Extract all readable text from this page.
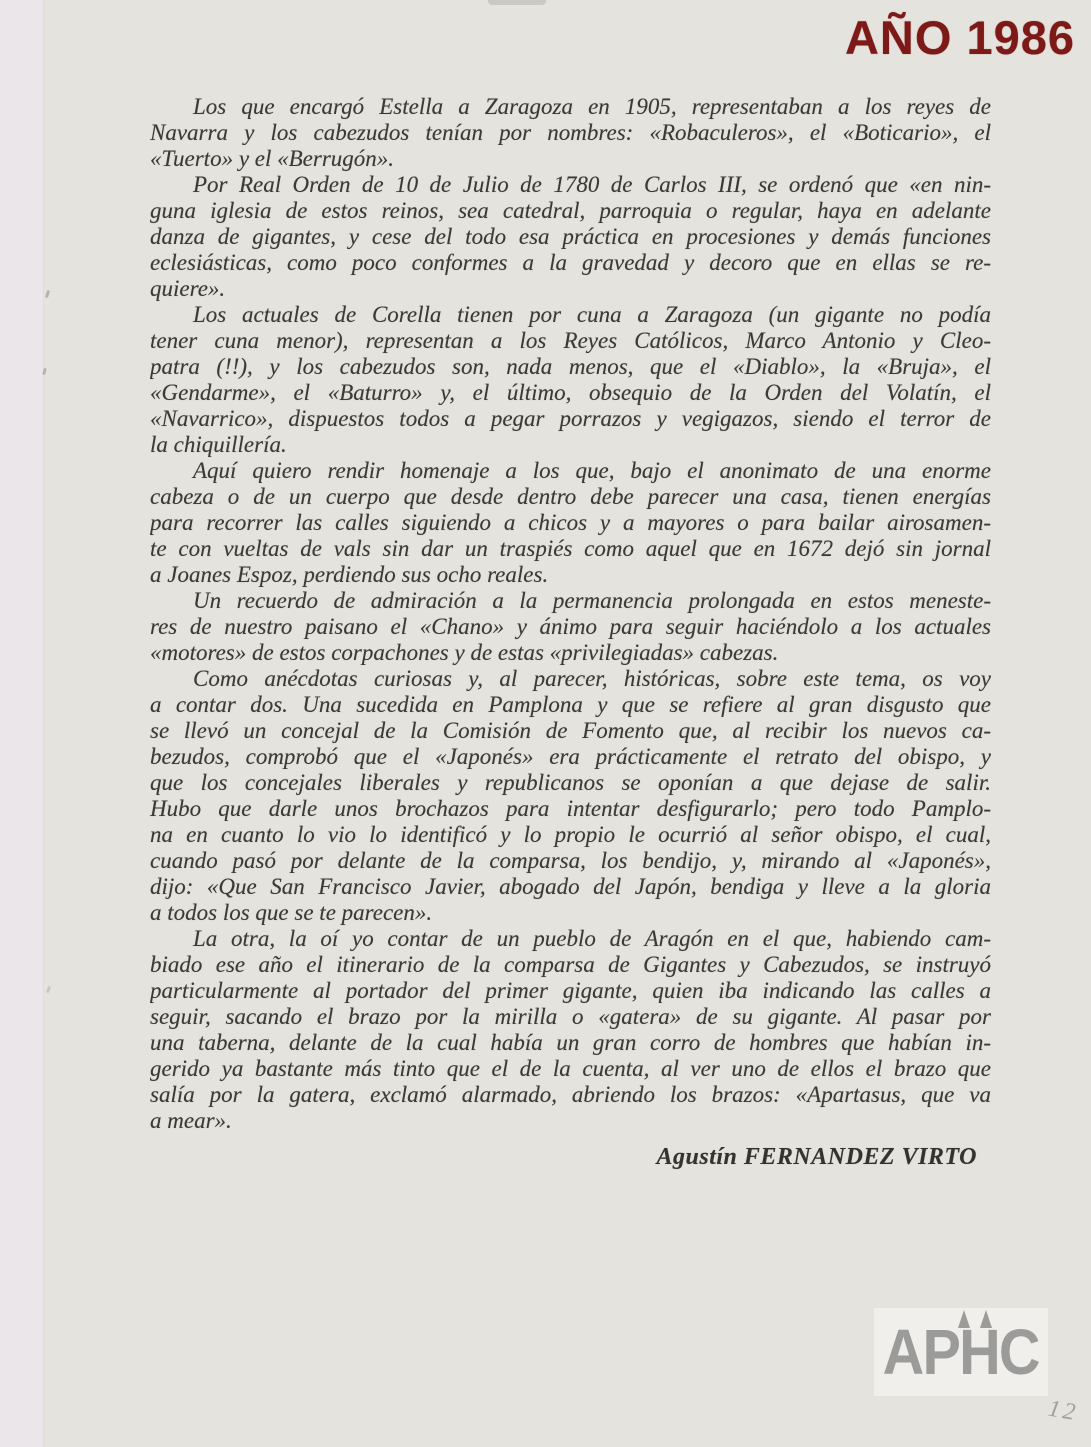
AÑO 1986
Los que encargó Estella a Zaragoza en 1905, representaban a los reyes de
Navarra y los cabezudos tenían por nombres: «Robaculeros», el «Boticario», el
«Tuerto» y el «Berrugón».
Por Real Orden de 10 de Julio de 1780 de Carlos III, se ordenó que «en nin-
guna iglesia de estos reinos, sea catedral, parroquia o regular, haya en adelante
danza de gigantes, y cese del todo esa práctica en procesiones y demás funciones
eclesiásticas, como poco conformes a la gravedad y decoro que en ellas se re-
quiere».
Los actuales de Corella tienen por cuna a Zaragoza (un gigante no podía
tener cuna menor), representan a los Reyes Católicos, Marco Antonio y Cleo-
patra (!!), y los cabezudos son, nada menos, que el «Diablo», la «Bruja», el
«Gendarme», el «Baturro» y, el último, obsequio de la Orden del Volatín, el
«Navarrico», dispuestos todos a pegar porrazos y vegigazos, siendo el terror de
la chiquillería.
Aquí quiero rendir homenaje a los que, bajo el anonimato de una enorme
cabeza o de un cuerpo que desde dentro debe parecer una casa, tienen energías
para recorrer las calles siguiendo a chicos y a mayores o para bailar airosamen-
te con vueltas de vals sin dar un traspiés como aquel que en 1672 dejó sin jornal
a Joanes Espoz, perdiendo sus ocho reales.
Un recuerdo de admiración a la permanencia prolongada en estos meneste-
res de nuestro paisano el «Chano» y ánimo para seguir haciéndolo a los actuales
«motores» de estos corpachones y de estas «privilegiadas» cabezas.
Como anécdotas curiosas y, al parecer, históricas, sobre este tema, os voy
a contar dos. Una sucedida en Pamplona y que se refiere al gran disgusto que
se llevó un concejal de la Comisión de Fomento que, al recibir los nuevos ca-
bezudos, comprobó que el «Japonés» era prácticamente el retrato del obispo, y
que los concejales liberales y republicanos se oponían a que dejase de salir.
Hubo que darle unos brochazos para intentar desfigurarlo; pero todo Pamplo-
na en cuanto lo vio lo identificó y lo propio le ocurrió al señor obispo, el cual,
cuando pasó por delante de la comparsa, los bendijo, y, mirando al «Japonés»,
dijo: «Que San Francisco Javier, abogado del Japón, bendiga y lleve a la gloria
a todos los que se te parecen».
La otra, la oí yo contar de un pueblo de Aragón en el que, habiendo cam-
biado ese año el itinerario de la comparsa de Gigantes y Cabezudos, se instruyó
particularmente al portador del primer gigante, quien iba indicando las calles a
seguir, sacando el brazo por la mirilla o «gatera» de su gigante. Al pasar por
una taberna, delante de la cual había un gran corro de hombres que habían in-
gerido ya bastante más tinto que el de la cuenta, al ver uno de ellos el brazo que
salía por la gatera, exclamó alarmado, abriendo los brazos: «Apartasus, que va
a mear».
Agustín FERNANDEZ VIRTO
APHC
12
